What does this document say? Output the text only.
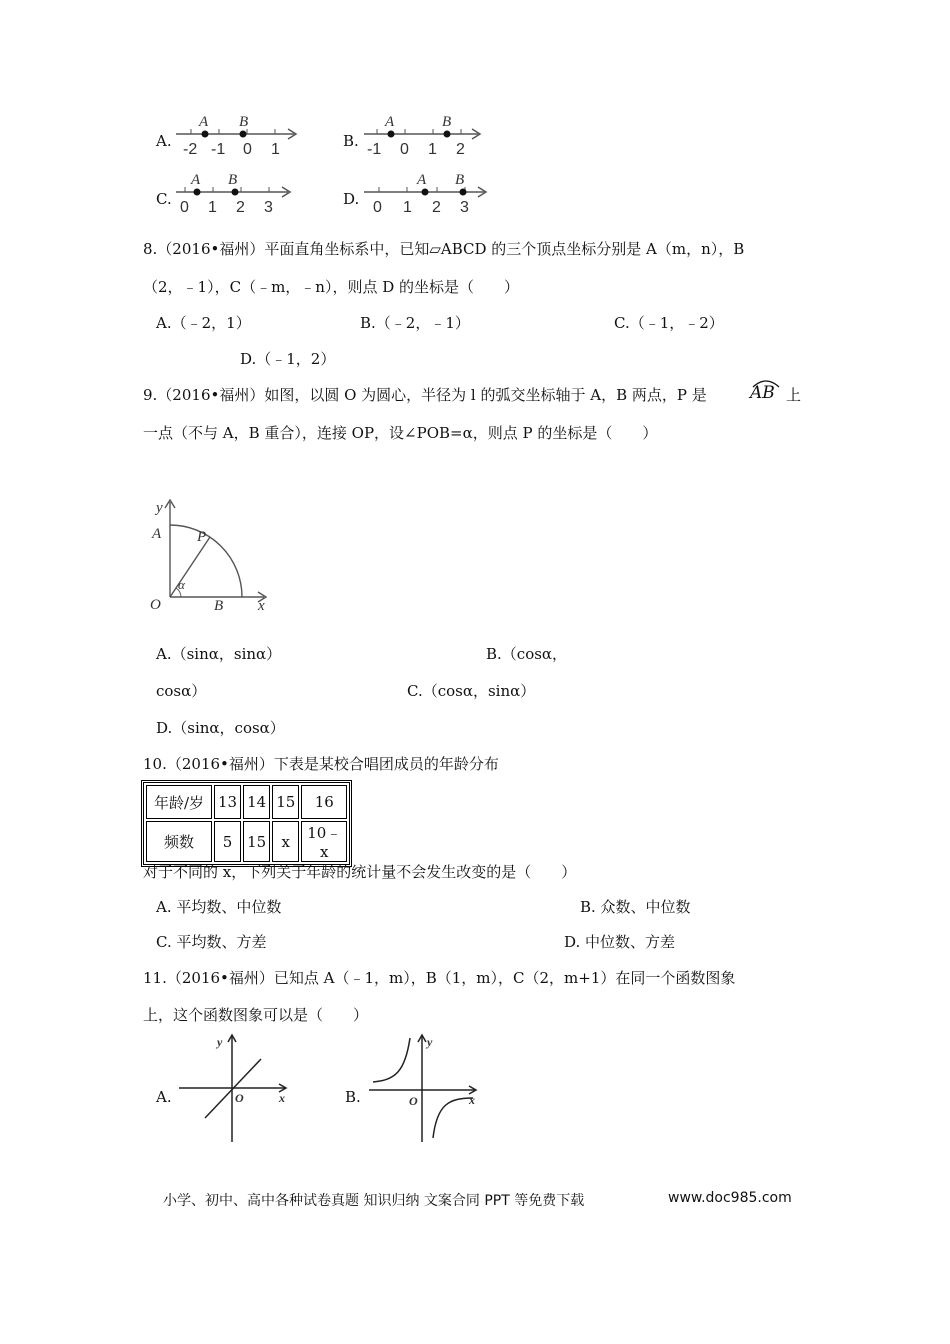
A.
A B
-2 -1 0 1	B.
A	B
-1 0 1 2
C.
A B
0 1 2 3	D.
A B
0 1 2 3
8.（2016•福州）平面直角坐标系中，已知▱ABCD 的三个顶点坐标分别是 A（m，n），B
（2，﹣1），C（﹣m，﹣n），则点 D 的坐标是（　　）
A.（﹣2，1）	B.（﹣2，﹣1）	C.（﹣1，﹣2）
D.（﹣1，2）
9.（2016•福州）如图，以圆 O 为圆心，半径为 l 的弧交坐标轴于 A，B 两点，P 是	AB 上
一点（不与 A，B 重合），连接 OP，设∠POB=α，则点 P 的坐标是（　　）
y
A P
α
O	B x
A.（sinα，sinα）	B.（cosα，
cosα）	C.（cosα，sinα）
D.（sinα，cosα）
10.（2016•福州）下表是某校合唱团成员的年龄分布
年龄/岁	13	14	15	16
频数	5	15	x	10﹣x
对于不同的 x，下列关于年龄的统计量不会发生改变的是（　　）
A. 平均数、中位数	B. 众数、中位数
C. 平均数、方差	D. 中位数、方差
11.（2016•福州）已知点 A（﹣1，m），B（1，m），C（2，m+1）在同一个函数图象
上，这个函数图象可以是（　　）
A.
y
O	x	B.
y
O	x
小学、初中、高中各种试卷真题 知识归纳 文案合同 PPT 等免费下载	www.doc985.com
